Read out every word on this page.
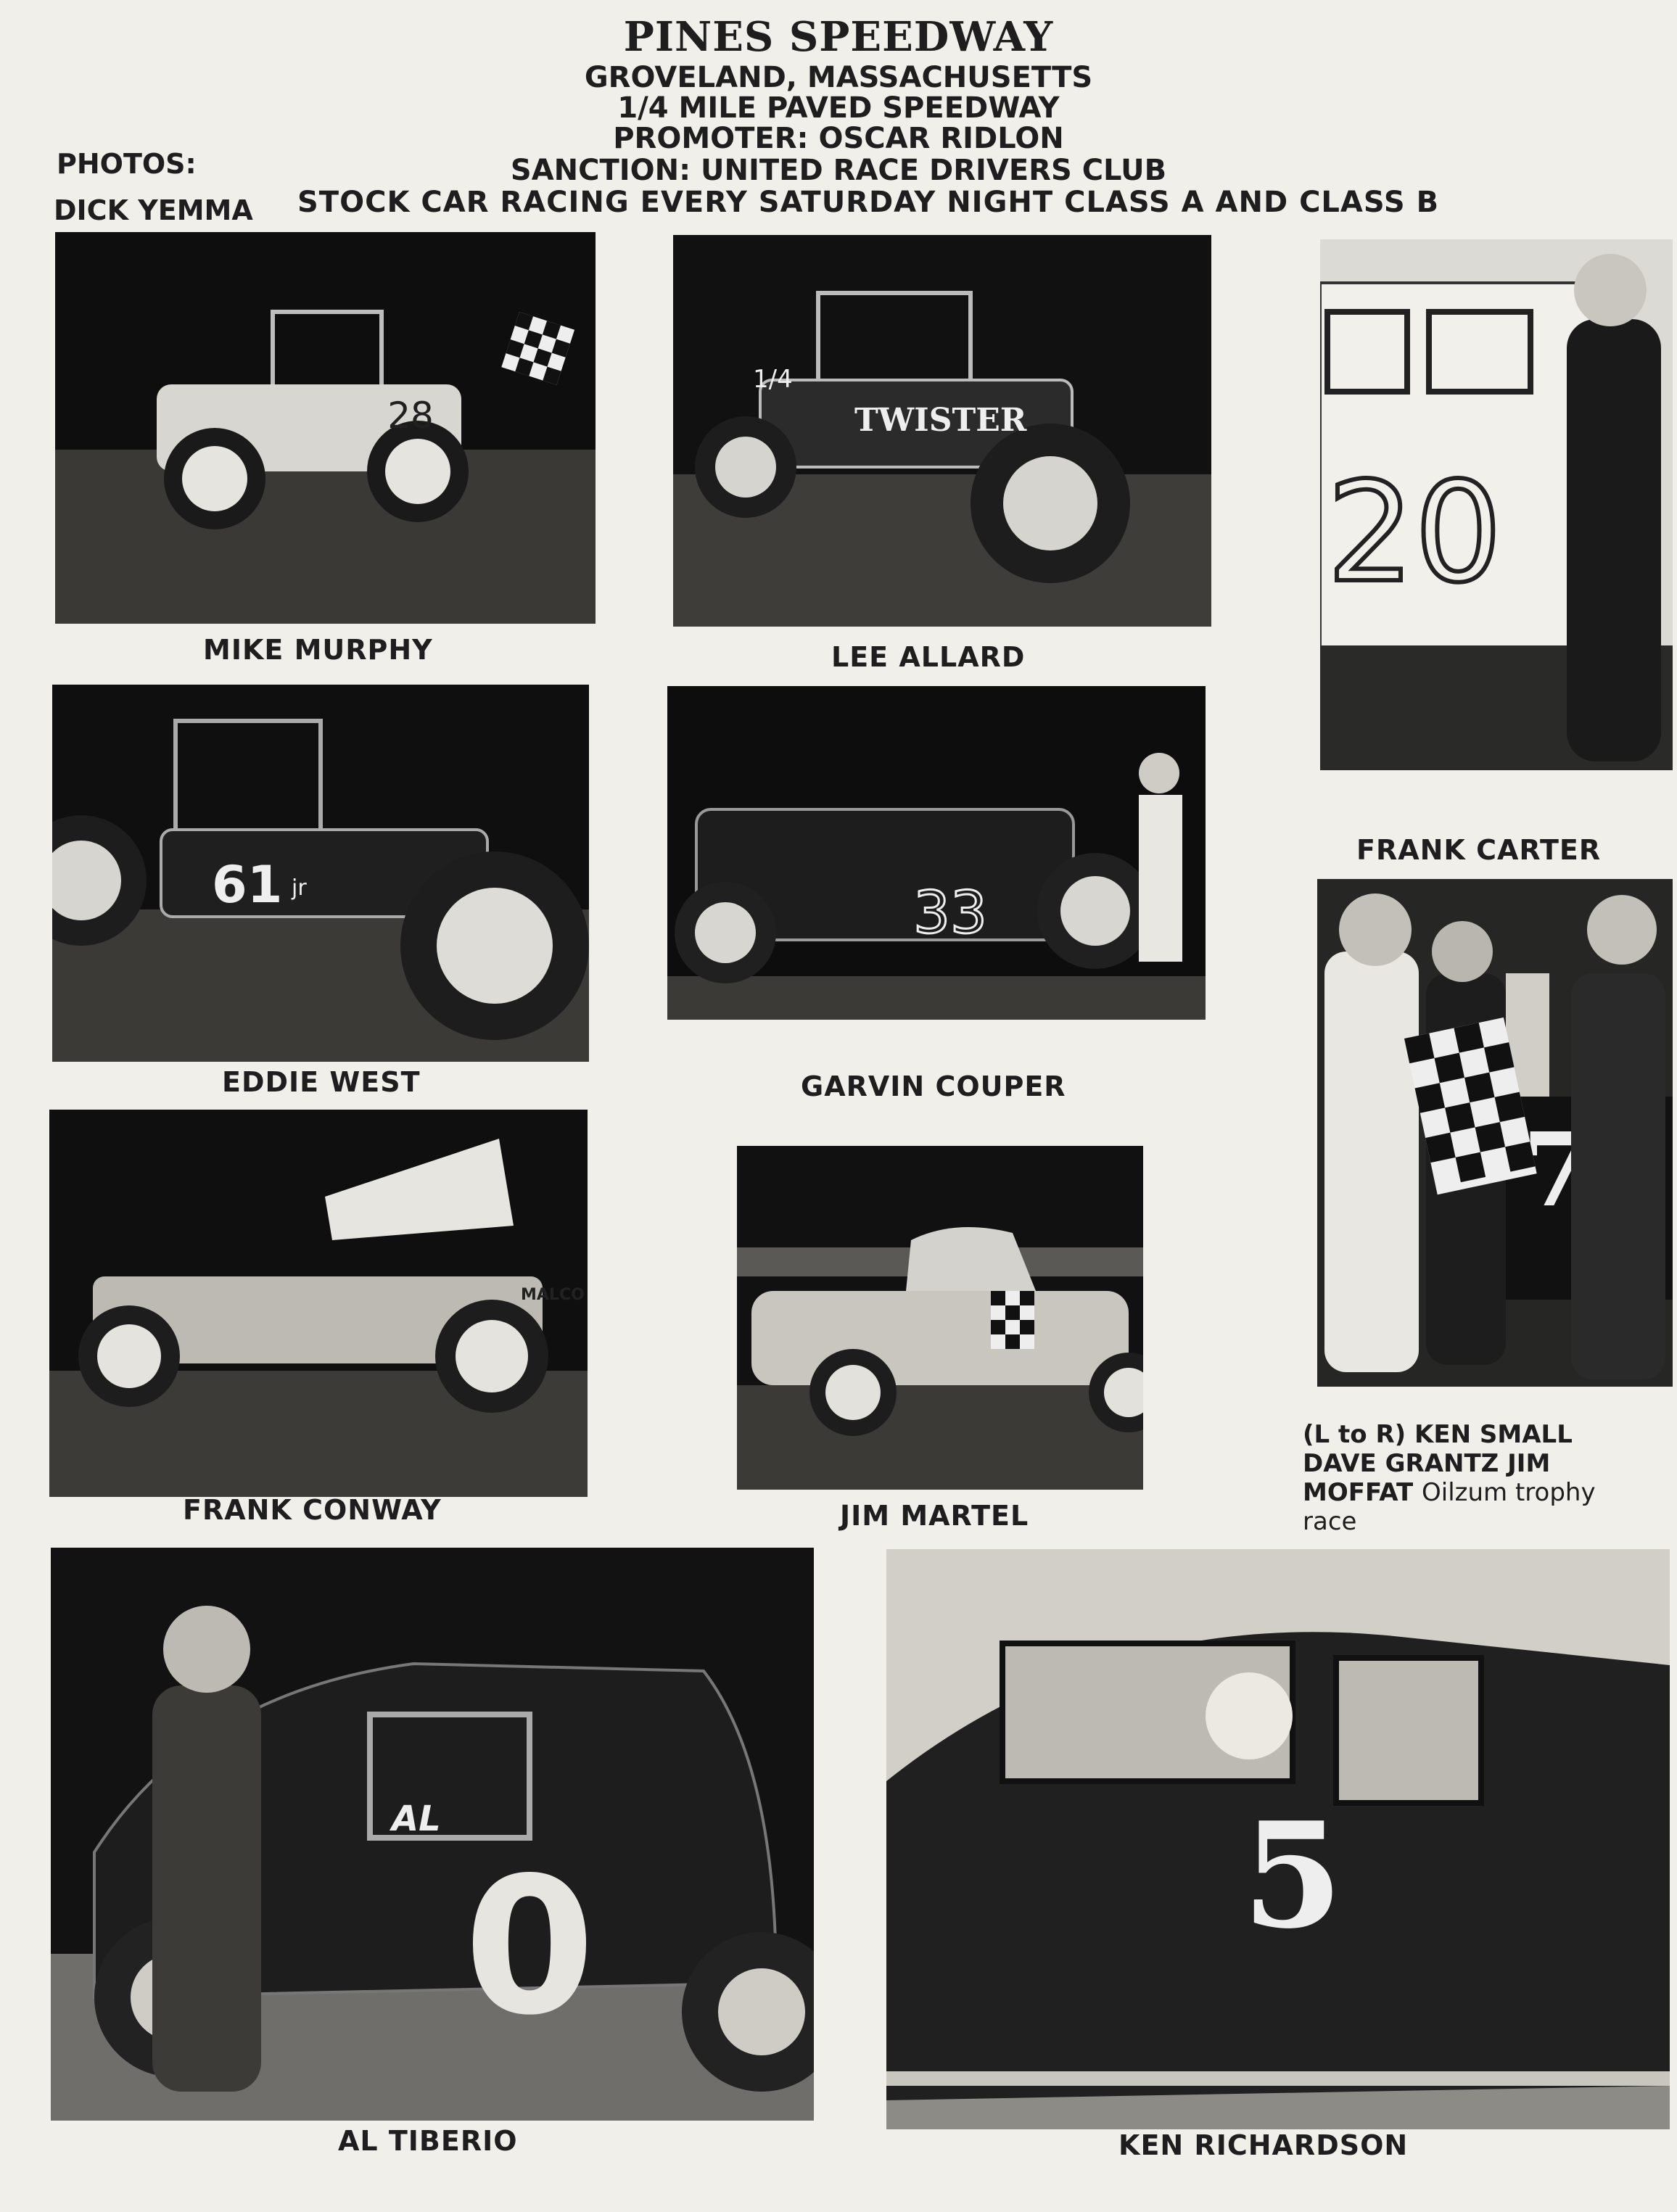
PINES SPEEDWAY
GROVELAND, MASSACHUSETTS
1/4 MILE PAVED SPEEDWAY
PROMOTER: OSCAR RIDLON
SANCTION: UNITED RACE DRIVERS CLUB
STOCK CAR RACING EVERY SATURDAY NIGHT CLASS A AND CLASS B
PHOTOS:
DICK YEMMA
28
MIKE MURPHY
TWISTER
1/4
LEE ALLARD
20
FRANK CARTER
61 jr
EDDIE WEST
33
GARVIN COUPER
MALCO
FRANK CONWAY	JIM MARTEL
(L to R) KEN SMALL
DAVE GRANTZ JIM
MOFFAT Oilzum trophy
race
0
AL
AL TIBERIO
5
KEN RICHARDSON
